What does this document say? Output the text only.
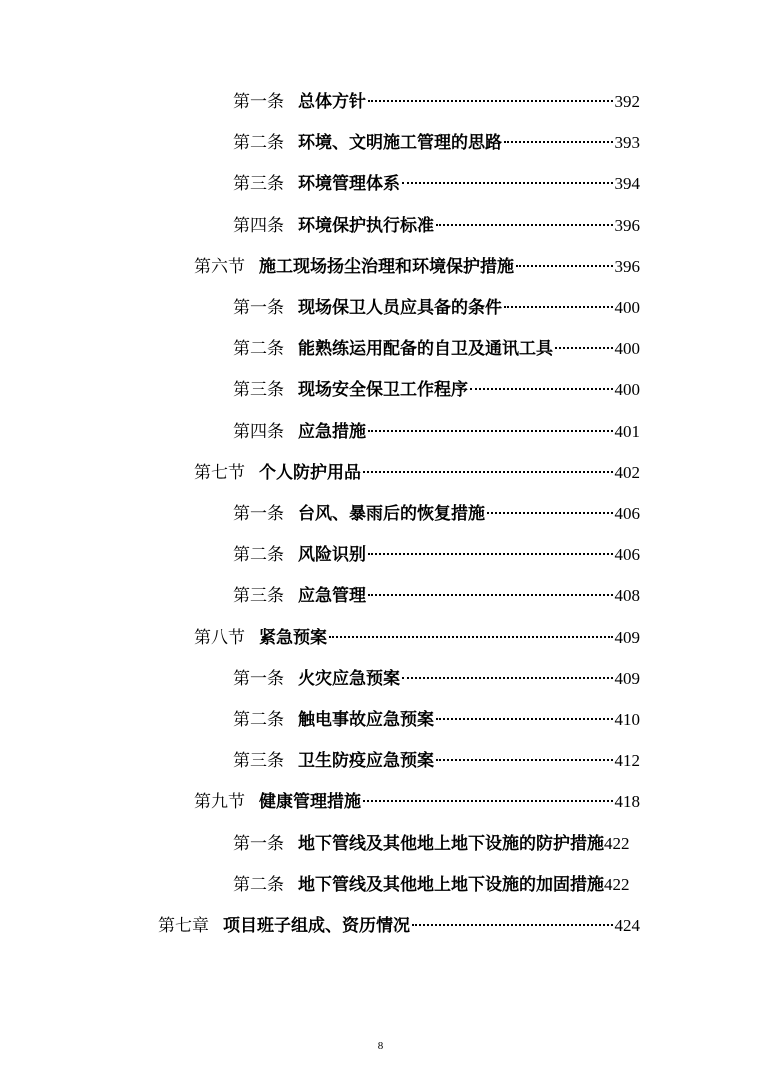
第一条 总体方针	392
第二条 环境、文明施工管理的思路	393
第三条 环境管理体系	394
第四条 环境保护执行标准	396
第六节 施工现场扬尘治理和环境保护措施	396
第一条 现场保卫人员应具备的条件	400
第二条 能熟练运用配备的自卫及通讯工具	400
第三条 现场安全保卫工作程序	400
第四条 应急措施	401
第七节 个人防护用品	402
第一条 台风、暴雨后的恢复措施	406
第二条 风险识别	406
第三条 应急管理	408
第八节 紧急预案	409
第一条 火灾应急预案	409
第二条 触电事故应急预案	410
第三条 卫生防疫应急预案	412
第九节 健康管理措施	418
第一条 地下管线及其他地上地下设施的防护措施 422
第二条 地下管线及其他地上地下设施的加固措施 422
第七章 项目班子组成、资历情况	424
8
